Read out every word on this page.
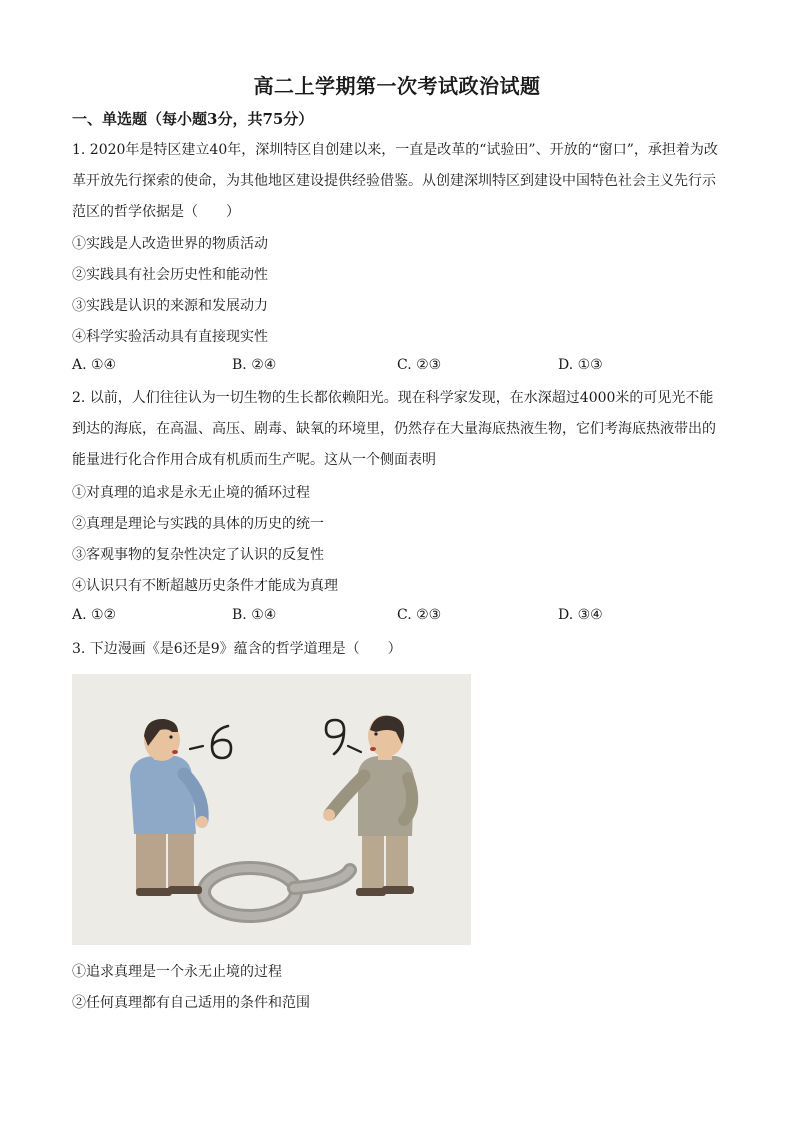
高二上学期第一次考试政治试题
一、单选题（每小题3分，共75分）
1. 2020年是特区建立40年，深圳特区自创建以来，一直是改革的“试验田”、开放的“窗口”，承担着为改革开放先行探索的使命，为其他地区建设提供经验借鉴。从创建深圳特区到建设中国特色社会主义先行示范区的哲学依据是（　　）
①实践是人改造世界的物质活动
②实践具有社会历史性和能动性
③实践是认识的来源和发展动力
④科学实验活动具有直接现实性
A. ①④	B. ②④	C. ②③	D. ①③
2. 以前，人们往往认为一切生物的生长都依赖阳光。现在科学家发现，在水深超过4000米的可见光不能到达的海底，在高温、高压、剧毒、缺氧的环境里，仍然存在大量海底热液生物，它们考海底热液带出的能量进行化合作用合成有机质而生产呢。这从一个侧面表明
①对真理的追求是永无止境的循环过程
②真理是理论与实践的具体的历史的统一
③客观事物的复杂性决定了认识的反复性
④认识只有不断超越历史条件才能成为真理
A. ①②	B. ①④	C. ②③	D. ③④
3. 下边漫画《是6还是9》蕴含的哲学道理是（　　）
①追求真理是一个永无止境的过程
②任何真理都有自己适用的条件和范围
